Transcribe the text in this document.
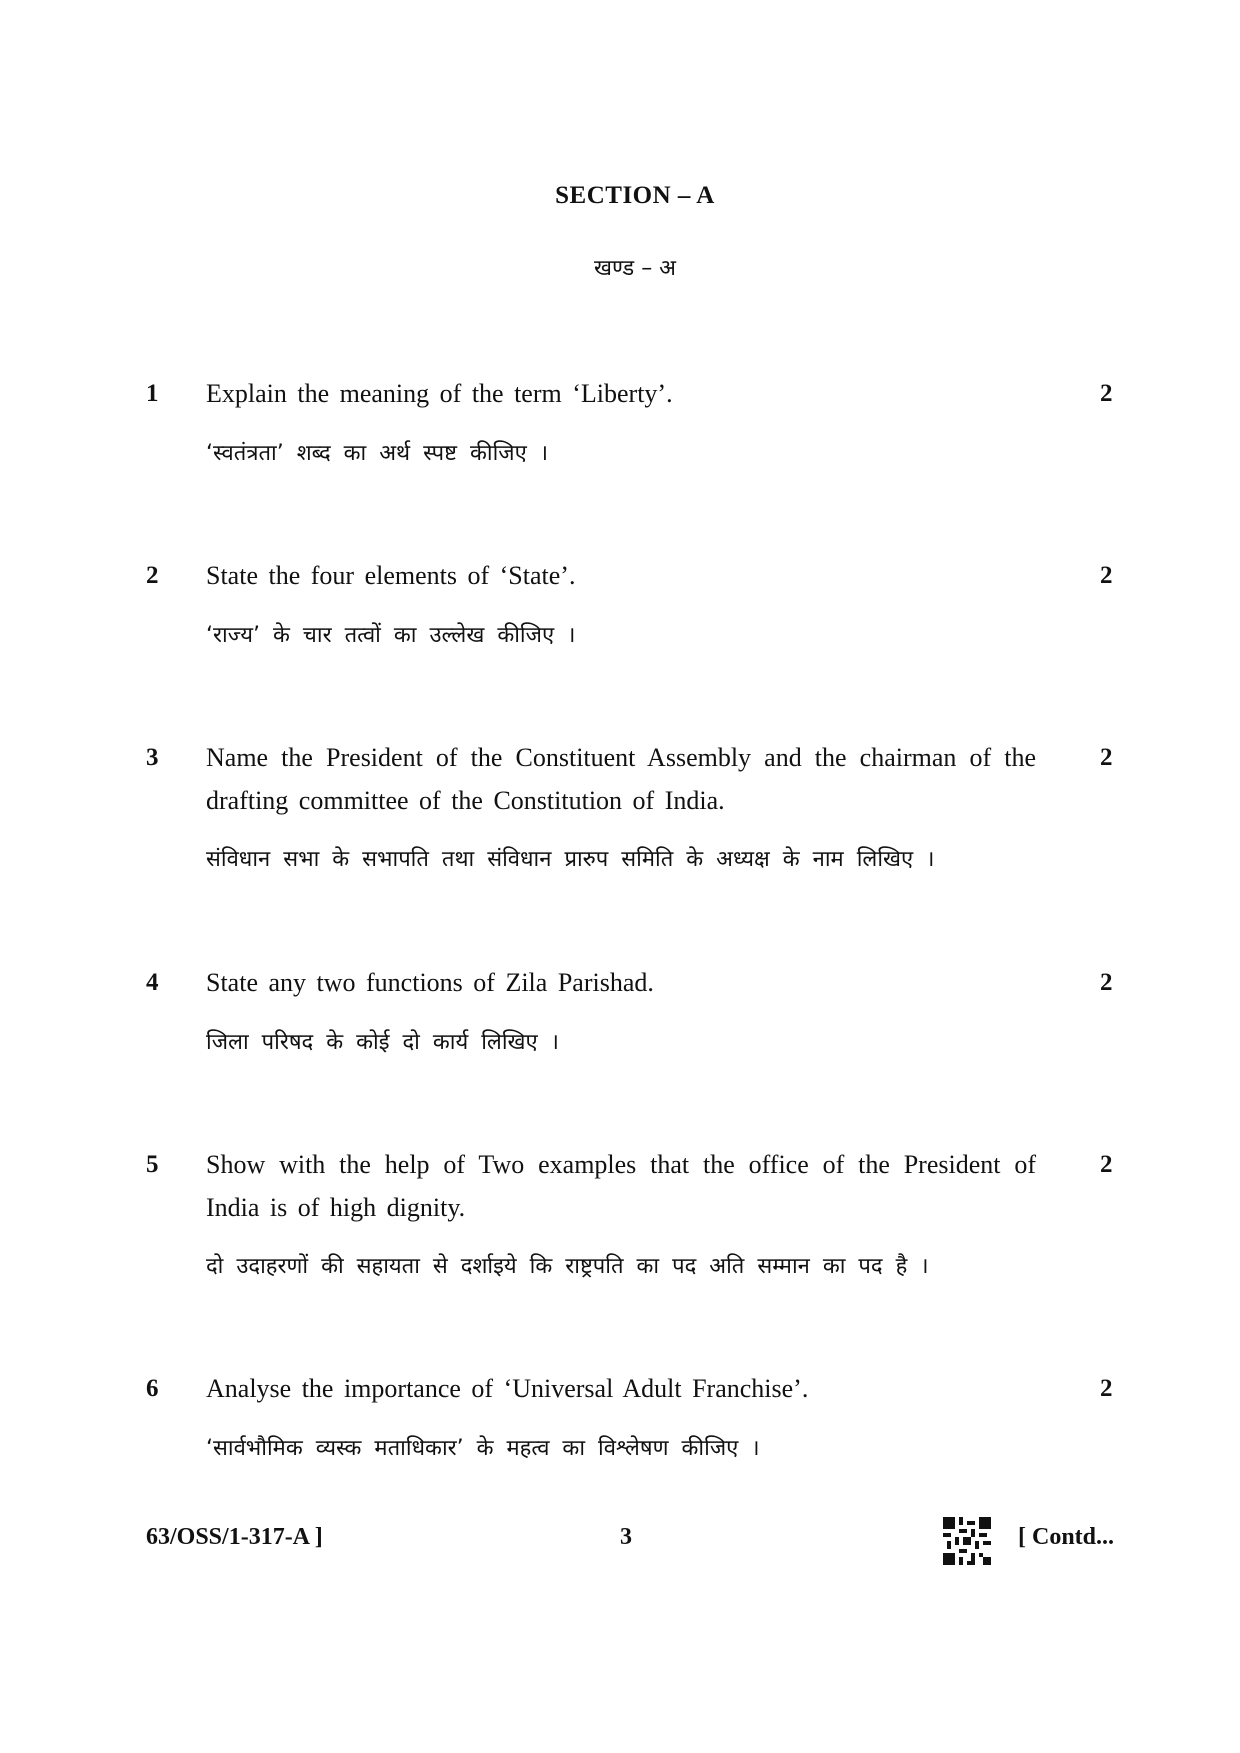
SECTION – A
खण्ड – अ
1 Explain the meaning of the term ‘Liberty’.
‘स्वतंत्रता’ शब्द का अर्थ स्पष्ट कीजिए ।
2
2 State the four elements of ‘State’.
‘राज्य’ के चार तत्वों का उल्लेख कीजिए ।
2
3 Name the President of the Constituent Assembly and the chairman of the drafting committee of the Constitution of India.
संविधान सभा के सभापति तथा संविधान प्रारुप समिति के अध्यक्ष के नाम लिखिए ।
2
4 State any two functions of Zila Parishad.
जिला परिषद के कोई दो कार्य लिखिए ।
2
5 Show with the help of Two examples that the office of the President of India is of high dignity.
दो उदाहरणों की सहायता से दर्शाइये कि राष्ट्रपति का पद अति सम्मान का पद है ।
2
6 Analyse the importance of ‘Universal Adult Franchise’.
‘सार्वभौमिक व्यस्क मताधिकार’ के महत्व का विश्लेषण कीजिए ।
2
63/OSS/1-317-A ]	3	[ Contd...
